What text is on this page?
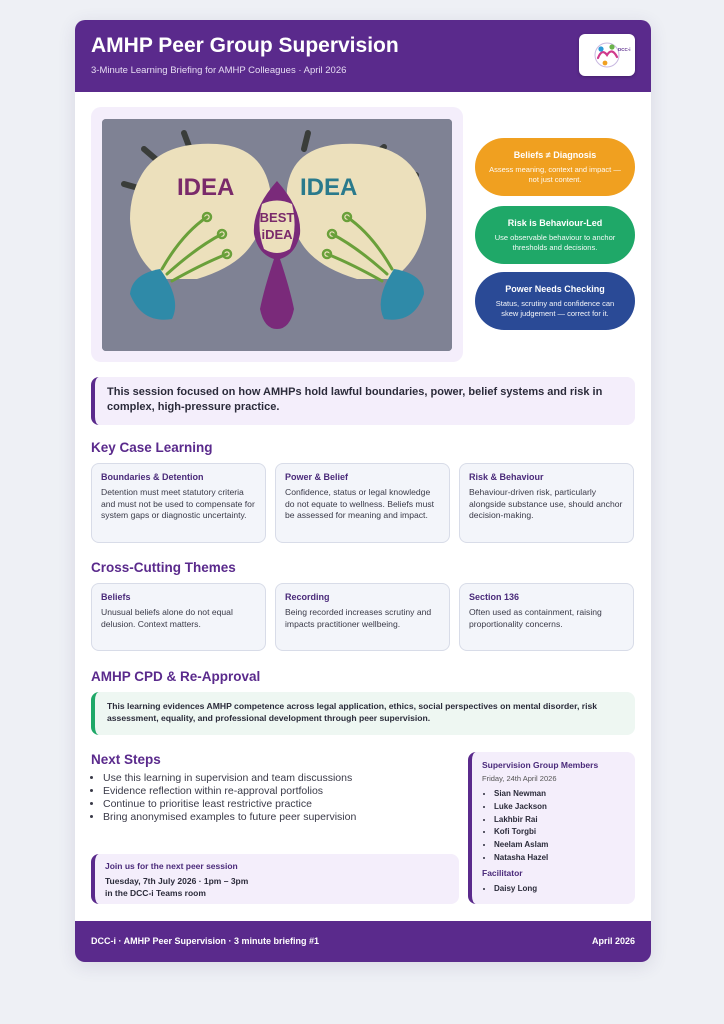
AMHP Peer Group Supervision
3-Minute Learning Briefing for AMHP Colleagues · April 2026
DCC-i
IDEA	IDEA
BEST
iDEA
Beliefs ≠ Diagnosis
Assess meaning, context and impact — not just content.
Risk is Behaviour-Led
Use observable behaviour to anchor thresholds and decisions.
Power Needs Checking
Status, scrutiny and confidence can skew judgement — correct for it.
This session focused on how AMHPs hold lawful boundaries, power, belief systems and risk in complex, high-pressure practice.
Key Case Learning
Boundaries & Detention
Detention must meet statutory criteria and must not be used to compensate for system gaps or diagnostic uncertainty.
Power & Belief
Confidence, status or legal knowledge do not equate to wellness. Beliefs must be assessed for meaning and impact.
Risk & Behaviour
Behaviour-driven risk, particularly alongside substance use, should anchor decision-making.
Cross-Cutting Themes
Beliefs
Unusual beliefs alone do not equal delusion. Context matters.
Recording
Being recorded increases scrutiny and impacts practitioner wellbeing.
Section 136
Often used as containment, raising proportionality concerns.
AMHP CPD & Re-Approval
This learning evidences AMHP competence across legal application, ethics, social perspectives on mental disorder, risk assessment, equality, and professional development through peer supervision.
Next Steps
• Use this learning in supervision and team discussions
• Evidence reflection within re-approval portfolios
• Continue to prioritise least restrictive practice
• Bring anonymised examples to future peer supervision
Join us for the next peer session
Tuesday, 7th July 2026 · 1pm – 3pm
in the DCC-i Teams room
Supervision Group Members
Friday, 24th April 2026
• Sian Newman
• Luke Jackson
• Lakhbir Rai
• Kofi Torgbi
• Neelam Aslam
• Natasha Hazel
Facilitator
• Daisy Long
DCC-i · AMHP Peer Supervision · 3 minute briefing #1	April 2026
